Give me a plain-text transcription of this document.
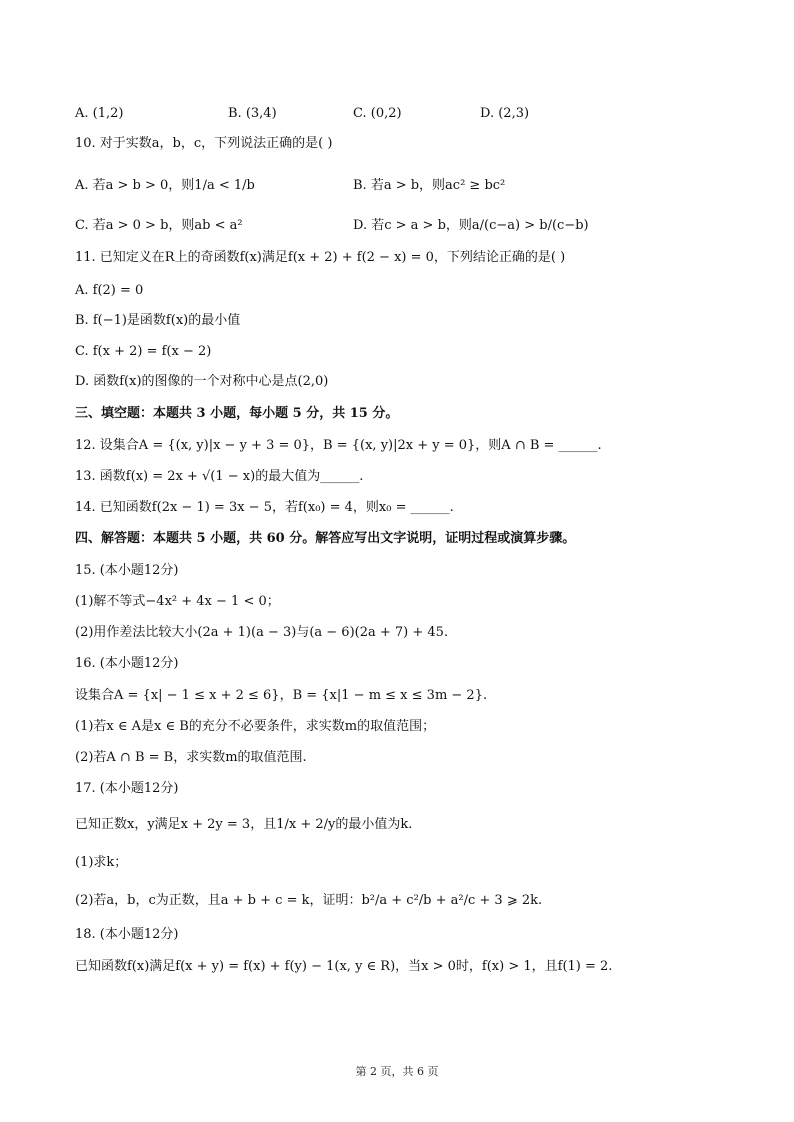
A. (1,2)	B. (3,4)	C. (0,2)	D. (2,3)
10. 对于实数a，b，c，下列说法正确的是( )
A. 若a > b > 0，则1/a < 1/b	B. 若a > b，则ac² ≥ bc²
C. 若a > 0 > b，则ab < a²	D. 若c > a > b，则a/(c−a) > b/(c−b)
11. 已知定义在R上的奇函数f(x)满足f(x + 2) + f(2 − x) = 0，下列结论正确的是( )
A. f(2) = 0
B. f(−1)是函数f(x)的最小值
C. f(x + 2) = f(x − 2)
D. 函数f(x)的图像的一个对称中心是点(2,0)
三、填空题：本题共 3 小题，每小题 5 分，共 15 分。
12. 设集合A = {(x, y)|x − y + 3 = 0}，B = {(x, y)|2x + y = 0}，则A ∩ B = ______.
13. 函数f(x) = 2x + √(1 − x)的最大值为______.
14. 已知函数f(2x − 1) = 3x − 5，若f(x₀) = 4，则x₀ = ______.
四、解答题：本题共 5 小题，共 60 分。解答应写出文字说明，证明过程或演算步骤。
15. (本小题12分)
(1)解不等式−4x² + 4x − 1 < 0；
(2)用作差法比较大小(2a + 1)(a − 3)与(a − 6)(2a + 7) + 45.
16. (本小题12分)
设集合A = {x| − 1 ≤ x + 2 ≤ 6}，B = {x|1 − m ≤ x ≤ 3m − 2}.
(1)若x ∈ A是x ∈ B的充分不必要条件，求实数m的取值范围；
(2)若A ∩ B = B，求实数m的取值范围.
17. (本小题12分)
已知正数x，y满足x + 2y = 3，且1/x + 2/y的最小值为k.
(1)求k；
(2)若a，b，c为正数，且a + b + c = k，证明：b²/a + c²/b + a²/c + 3 ⩾ 2k.
18. (本小题12分)
已知函数f(x)满足f(x + y) = f(x) + f(y) − 1(x, y ∈ R)，当x > 0时，f(x) > 1，且f(1) = 2.
第 2 页，共 6 页
